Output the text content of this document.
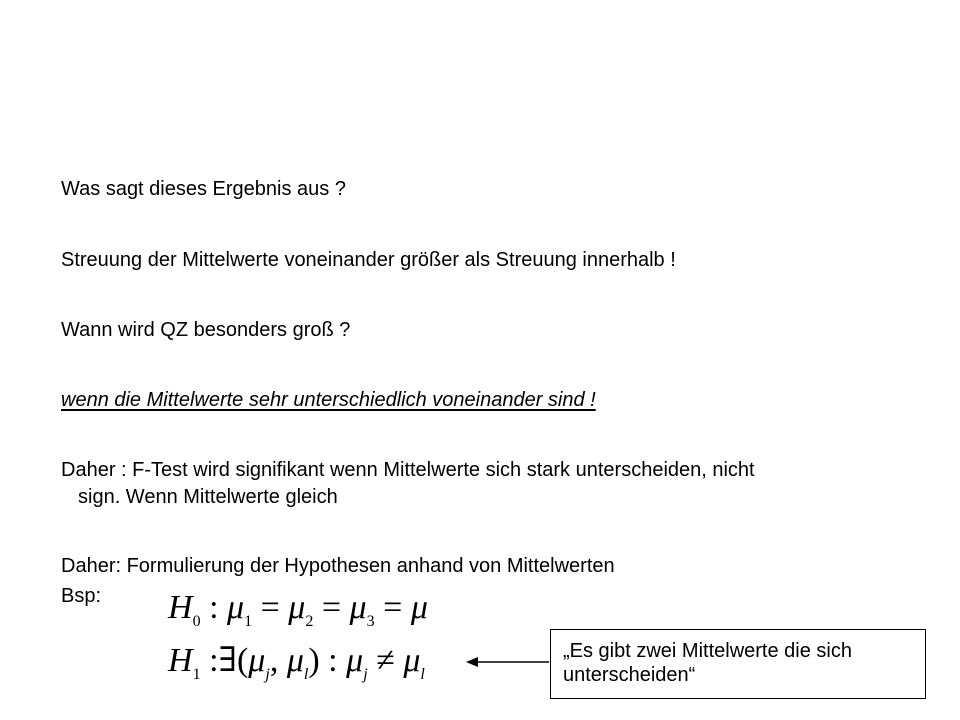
Was sagt dieses Ergebnis aus ?
Streuung der Mittelwerte voneinander größer als Streuung innerhalb !
Wann wird QZ besonders groß ?
wenn die Mittelwerte sehr unterschiedlich voneinander sind !
Daher : F-Test wird signifikant wenn Mittelwerte sich stark unterscheiden, nicht
sign. Wenn Mittelwerte gleich
Daher: Formulierung der Hypothesen anhand von Mittelwerten
Bsp: $H_0$ : $\mu_1 = \mu_2 = \mu_3 = \mu$
$H_1$ $:\exists(\mu_j$, $\mu_l$) : $\mu_j \ne \mu_l$
„Es gibt zwei Mittelwerte die sich
unterscheiden“
